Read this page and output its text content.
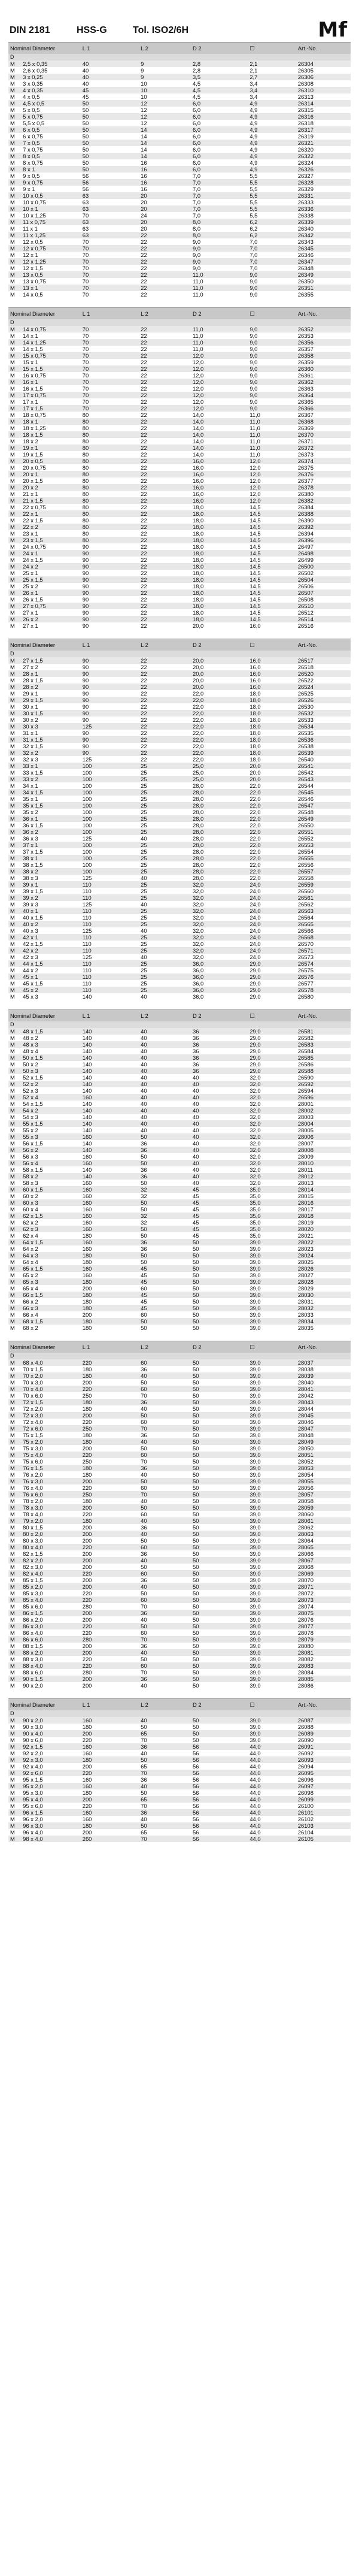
DIN 2181	HSS-G	Tol. ISO2/6H	Mf
Nominal Diameter		L 1	L 2	D 2	☐	Art.-No.
D						
M	2,5 x 0,35	40	9	2,8	2,1	26304
M	2,6 x 0,35	40	9	2,8	2,1	26305
M	3 x 0,25	40	9	3,5	2,7	26306
M	3 x 0,35	40	10	4,5	3,4	26308
M	4 x 0,35	45	10	4,5	3,4	26310
M	4 x 0,5	45	10	4,5	3,4	26313
M	4,5 x 0,5	50	12	6,0	4,9	26314
M	5 x 0,5	50	12	6,0	4,9	26315
M	5 x 0,75	50	12	6,0	4,9	26316
M	5,5 x 0,5	50	12	6,0	4,9	26318
M	6 x 0,5	50	14	6,0	4,9	26317
M	6 x 0,75	50	14	6,0	4,9	26319
M	7 x 0,5	50	14	6,0	4,9	26321
M	7 x 0,75	50	14	6,0	4,9	26320
M	8 x 0,5	50	14	6,0	4,9	26322
M	8 x 0,75	50	16	6,0	4,9	26324
M	8 x 1	50	16	6,0	4,9	26326
M	9 x 0,5	56	16	7,0	5,5	26327
M	9 x 0,75	56	16	7,0	5,5	26328
M	9 x 1	56	16	7,0	5,5	26329
M	10 x 0,5	63	20	7,0	5,5	26331
M	10 x 0,75	63	20	7,0	5,5	26333
M	10 x 1	63	20	7,0	5,5	26336
M	10 x 1,25	70	24	7,0	5,5	26338
M	11 x 0,75	63	20	8,0	6,2	26339
M	11 x 1	63	20	8,0	6,2	26340
M	11 x 1,25	63	22	8,0	6,2	26342
M	12 x 0,5	70	22	9,0	7,0	26343
M	12 x 0,75	70	22	9,0	7,0	26345
M	12 x 1	70	22	9,0	7,0	26346
M	12 x 1,25	70	22	9,0	7,0	26347
M	12 x 1,5	70	22	9,0	7,0	26348
M	13 x 0,5	70	22	11,0	9,0	26349
M	13 x 0,75	70	22	11,0	9,0	26350
M	13 x 1	70	22	11,0	9,0	26351
M	14 x 0,5	70	22	11,0	9,0	26355
Nominal Diameter		L 1	L 2	D 2	☐	Art.-No.
D						
M	14 x 0,75	70	22	11,0	9,0	26352
M	14 x 1	70	22	11,0	9,0	26353
M	14 x 1,25	70	22	11,0	9,0	26356
M	14 x 1,5	70	22	11,0	9,0	26357
M	15 x 0,75	70	22	12,0	9,0	26358
M	15 x 1	70	22	12,0	9,0	26359
M	15 x 1,5	70	22	12,0	9,0	26360
M	16 x 0,75	70	22	12,0	9,0	26361
M	16 x 1	70	22	12,0	9,0	26362
M	16 x 1,5	70	22	12,0	9,0	26363
M	17 x 0,75	70	22	12,0	9,0	26364
M	17 x 1	70	22	12,0	9,0	26365
M	17 x 1,5	70	22	12,0	9,0	26366
M	18 x 0,75	80	22	14,0	11,0	26367
M	18 x 1	80	22	14,0	11,0	26368
M	18 x 1,25	80	22	14,0	11,0	26369
M	18 x 1,5	80	22	14,0	11,0	26370
M	18 x 2	80	22	14,0	11,0	26371
M	19 x 1	80	22	14,0	11,0	26372
M	19 x 1,5	80	22	14,0	11,0	26373
M	20 x 0,5	80	22	16,0	12,0	26374
M	20 x 0,75	80	22	16,0	12,0	26375
M	20 x 1	80	22	16,0	12,0	26376
M	20 x 1,5	80	22	16,0	12,0	26377
M	20 x 2	80	22	16,0	12,0	26378
M	21 x 1	80	22	16,0	12,0	26380
M	21 x 1,5	80	22	16,0	12,0	26382
M	22 x 0,75	80	22	18,0	14,5	26384
M	22 x 1	80	22	18,0	14,5	26388
M	22 x 1,5	80	22	18,0	14,5	26390
M	22 x 2	80	22	18,0	14,5	26392
M	23 x 1	80	22	18,0	14,5	26394
M	23 x 1,5	80	22	18,0	14,5	26396
M	24 x 0,75	90	22	18,0	14,5	26497
M	24 x 1	90	22	18,0	14,5	26498
M	24 x 1,5	90	22	18,0	14,5	26499
M	24 x 2	90	22	18,0	14,5	26500
M	25 x 1	90	22	18,0	14,5	26502
M	25 x 1,5	90	22	18,0	14,5	26504
M	25 x 2	90	22	18,0	14,5	26506
M	26 x 1	90	22	18,0	14,5	26507
M	26 x 1,5	90	22	18,0	14,5	26508
M	27 x 0,75	90	22	18,0	14,5	26510
M	27 x 1	90	22	18,0	14,5	26512
M	26 x 2	90	22	18,0	14,5	26514
M	27 x 1	90	22	20,0	16,0	26516
Nominal Diameter		L 1	L 2	D 2	☐	Art.-No.
D						
M	27 x 1,5	90	22	20,0	16,0	26517
M	27 x 2	90	22	20,0	16,0	26518
M	28 x 1	90	22	20,0	16,0	26520
M	28 x 1,5	90	22	20,0	16,0	26522
M	28 x 2	90	22	20,0	16,0	26524
M	29 x 1	90	22	22,0	18,0	26525
M	29 x 1,5	90	22	22,0	18,0	26526
M	30 x 1	90	22	22,0	18,0	26530
M	30 x 1,5	90	22	22,0	18,0	26532
M	30 x 2	90	22	22,0	18,0	26533
M	30 x 3	125	22	22,0	18,0	26534
M	31 x 1	90	22	22,0	18,0	26535
M	31 x 1,5	90	22	22,0	18,0	26536
M	32 x 1,5	90	22	22,0	18,0	26538
M	32 x 2	90	22	22,0	18,0	26539
M	32 x 3	125	22	22,0	18,0	26540
M	33 x 1	100	25	25,0	20,0	26541
M	33 x 1,5	100	25	25,0	20,0	26542
M	33 x 2	100	25	25,0	20,0	26543
M	34 x 1	100	25	28,0	22,0	26544
M	34 x 1,5	100	25	28,0	22,0	26545
M	35 x 1	100	25	28,0	22,0	26546
M	35 x 1,5	100	25	28,0	22,0	26547
M	35 x 2	100	25	28,0	22,0	26548
M	36 x 1	100	25	28,0	22,0	26549
M	36 x 1,5	100	25	28,0	22,0	26550
M	36 x 2	100	25	28,0	22,0	26551
M	36 x 3	125	40	28,0	22,0	26552
M	37 x 1	100	25	28,0	22,0	26553
M	37 x 1,5	100	25	28,0	22,0	26554
M	38 x 1	100	25	28,0	22,0	26555
M	38 x 1,5	100	25	28,0	22,0	26556
M	38 x 2	100	25	28,0	22,0	26557
M	38 x 3	125	40	28,0	22,0	26558
M	39 x 1	110	25	32,0	24,0	26559
M	39 x 1,5	110	25	32,0	24,0	26560
M	39 x 2	110	25	32,0	24,0	26561
M	39 x 3	125	40	32,0	24,0	26562
M	40 x 1	110	25	32,0	24,0	26563
M	40 x 1,5	110	25	32,0	24,0	26564
M	40 x 2	110	25	32,0	24,0	26565
M	40 x 3	125	40	32,0	24,0	26566
M	42 x 1	110	25	32,0	24,0	26568
M	42 x 1,5	110	25	32,0	24,0	26570
M	42 x 2	110	25	32,0	24,0	26571
M	42 x 3	125	40	32,0	24,0	26573
M	44 x 1,5	110	25	36,0	29,0	26574
M	44 x 2	110	25	36,0	29,0	26575
M	45 x 1	110	25	36,0	29,0	26576
M	45 x 1,5	110	25	36,0	29,0	26577
M	45 x 2	110	25	36,0	29,0	26578
M	45 x 3	140	40	36,0	29,0	26580
Nominal Diameter		L 1	L 2	D 2	☐	Art.-No.
D						
M	48 x 1,5	140	40	36	29,0	26581
M	48 x 2	140	40	36	29,0	26582
M	48 x 3	140	40	36	29,0	26583
M	48 x 4	140	40	36	29,0	26584
M	50 x 1,5	140	40	36	29,0	26585
M	50 x 2	140	40	36	29,0	26586
M	50 x 3	140	40	36	29,0	26588
M	52 x 1,5	140	40	40	32,0	26590
M	52 x 2	140	40	40	32,0	26592
M	52 x 3	140	40	40	32,0	26594
M	52 x 4	160	40	40	32,0	26596
M	54 x 1,5	140	40	40	32,0	28001
M	54 x 2	140	40	40	32,0	28002
M	54 x 3	140	40	40	32,0	28003
M	55 x 1,5	140	40	40	32,0	28004
M	55 x 2	140	40	40	32,0	28005
M	55 x 3	160	50	40	32,0	28006
M	56 x 1,5	140	36	40	32,0	28007
M	56 x 2	140	36	40	32,0	28008
M	56 x 3	160	50	40	32,0	28009
M	56 x 4	160	50	40	32,0	28010
M	58 x 1,5	140	36	40	32,0	28011
M	58 x 2	140	36	40	32,0	28012
M	58 x 3	160	50	40	32,0	28013
M	60 x 1,5	160	32	45	35,0	28014
M	60 x 2	160	32	45	35,0	28015
M	60 x 3	160	50	45	35,0	28016
M	60 x 4	160	50	45	35,0	28017
M	62 x 1,5	160	32	45	35,0	28018
M	62 x 2	160	32	45	35,0	28019
M	62 x 3	160	50	45	35,0	28020
M	62 x 4	180	50	45	35,0	28021
M	64 x 1,5	160	36	50	39,0	28022
M	64 x 2	160	36	50	39,0	28023
M	64 x 3	180	50	50	39,0	28024
M	64 x 4	180	50	50	39,0	28025
M	65 x 1,5	160	45	50	39,0	28026
M	65 x 2	160	45	50	39,0	28027
M	65 x 3	180	45	50	39,0	28028
M	65 x 4	200	60	50	39,0	28029
M	66 x 1,5	180	45	50	39,0	28030
M	66 x 2	180	45	50	39,0	28031
M	66 x 3	180	45	50	39,0	28032
M	66 x 4	200	60	50	39,0	28033
M	68 x 1,5	180	50	50	39,0	28034
M	68 x 2	180	50	50	39,0	28035
Nominal Diameter		L 1	L 2	D 2	☐	Art.-No.
D						
M	68 x 4,0	220	60	50	39,0	28037
M	70 x 1,5	180	36	50	39,0	28038
M	70 x 2,0	180	40	50	39,0	28039
M	70 x 3,0	200	50	50	39,0	28040
M	70 x 4,0	220	60	50	39,0	28041
M	70 x 6,0	250	70	50	39,0	28042
M	72 x 1,5	180	36	50	39,0	28043
M	72 x 2,0	180	40	50	39,0	28044
M	72 x 3,0	200	50	50	39,0	28045
M	72 x 4,0	220	60	50	39,0	28046
M	72 x 6,0	250	70	50	39,0	28047
M	75 x 1,5	180	36	50	39,0	28048
M	75 x 2,0	180	40	50	39,0	28049
M	75 x 3,0	200	50	50	39,0	28050
M	75 x 4,0	220	60	50	39,0	28051
M	75 x 6,0	250	70	50	39,0	28052
M	76 x 1,5	180	36	50	39,0	28053
M	76 x 2,0	180	40	50	39,0	28054
M	76 x 3,0	200	50	50	39,0	28055
M	76 x 4,0	220	60	50	39,0	28056
M	76 x 6,0	250	70	50	39,0	28057
M	78 x 2,0	180	40	50	39,0	28058
M	78 x 3,0	200	50	50	39,0	28059
M	78 x 4,0	220	60	50	39,0	28060
M	79 x 2,0	180	40	50	39,0	28061
M	80 x 1,5	200	36	50	39,0	28062
M	80 x 2,0	200	40	50	39,0	28063
M	80 x 3,0	200	50	50	39,0	28064
M	80 x 4,0	220	60	50	39,0	28065
M	82 x 1,5	200	36	50	39,0	28066
M	82 x 2,0	200	40	50	39,0	28067
M	82 x 3,0	200	50	50	39,0	28068
M	82 x 4,0	220	60	50	39,0	28069
M	85 x 1,5	200	36	50	39,0	28070
M	85 x 2,0	200	40	50	39,0	28071
M	85 x 3,0	220	50	50	39,0	28072
M	85 x 4,0	220	60	50	39,0	28073
M	85 x 6,0	280	70	50	39,0	28074
M	86 x 1,5	200	36	50	39,0	28075
M	86 x 2,0	200	40	50	39,0	28076
M	86 x 3,0	220	50	50	39,0	28077
M	86 x 4,0	220	60	50	39,0	28078
M	86 x 6,0	280	70	50	39,0	28079
M	88 x 1,5	200	36	50	39,0	28080
M	88 x 2,0	200	40	50	39,0	28081
M	88 x 3,0	220	50	50	39,0	28082
M	88 x 4,0	220	60	50	39,0	28083
M	88 x 6,0	280	70	50	39,0	28084
M	90 x 1,5	200	36	50	39,0	28085
M	90 x 2,0	200	40	50	39,0	28086
Nominal Diameter		L 1	L 2	D 2	☐	Art.-No.
D						
M	90 x 2,0	160	40	50	39,0	26087
M	90 x 3,0	180	50	50	39,0	26088
M	90 x 4,0	200	65	50	39,0	26089
M	90 x 6,0	220	70	50	39,0	26090
M	92 x 1,5	160	36	56	44,0	26091
M	92 x 2,0	160	40	56	44,0	26092
M	92 x 3,0	180	50	56	44,0	26093
M	92 x 4,0	200	65	56	44,0	26094
M	92 x 6,0	220	70	56	44,0	26095
M	95 x 1,5	160	36	56	44,0	26096
M	95 x 2,0	160	40	56	44,0	26097
M	95 x 3,0	180	50	56	44,0	26098
M	95 x 4,0	200	65	56	44,0	26099
M	95 x 6,0	220	70	56	44,0	26100
M	96 x 1,5	160	36	56	44,0	26101
M	96 x 2,0	160	40	56	44,0	26102
M	96 x 3,0	180	50	56	44,0	26103
M	96 x 4,0	200	65	56	44,0	26104
M	98 x 4,0	260	70	56	44,0	26105
